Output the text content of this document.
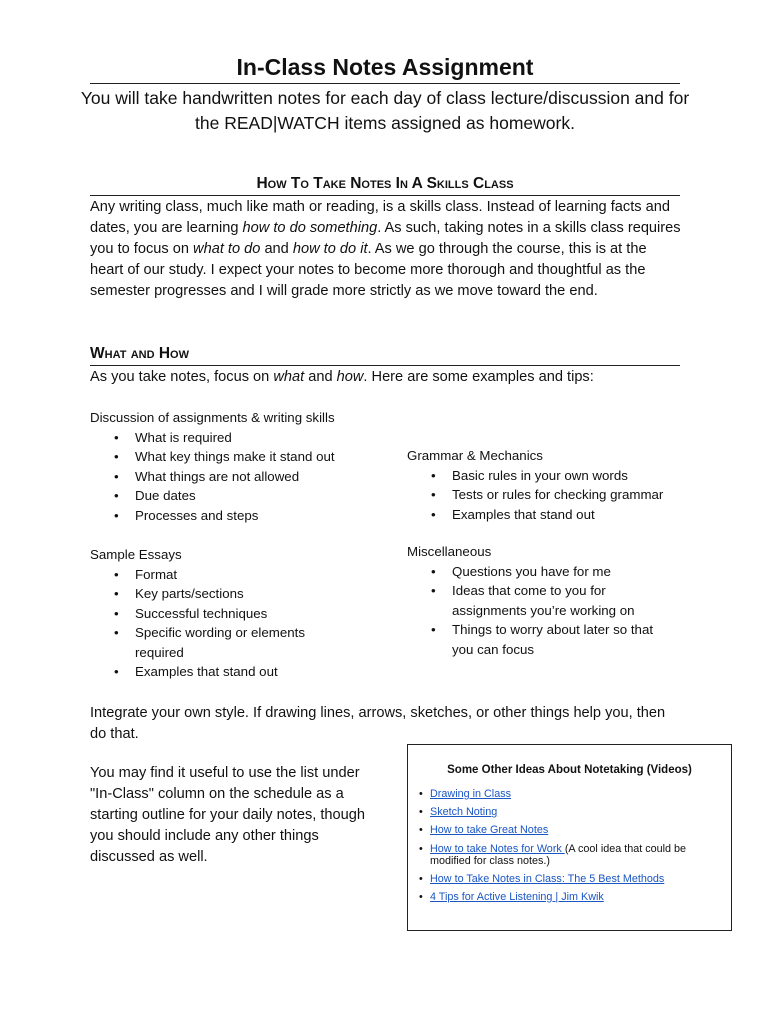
In-Class Notes Assignment
You will take handwritten notes for each day of class lecture/discussion and for the READ|WATCH items assigned as homework.
How To Take Notes In A Skills Class
Any writing class, much like math or reading, is a skills class. Instead of learning facts and dates, you are learning how to do something. As such, taking notes in a skills class requires you to focus on what to do and how to do it. As we go through the course, this is at the heart of our study. I expect your notes to become more thorough and thoughtful as the semester progresses and I will grade more strictly as we move toward the end.
What and How
As you take notes, focus on what and how. Here are some examples and tips:
Discussion of assignments & writing skills
• What is required
• What key things make it stand out
• What things are not allowed
• Due dates
• Processes and steps
Sample Essays
• Format
• Key parts/sections
• Successful techniques
• Specific wording or elements required
• Examples that stand out
Grammar & Mechanics
• Basic rules in your own words
• Tests or rules for checking grammar
• Examples that stand out
Miscellaneous
• Questions you have for me
• Ideas that come to you for assignments you’re working on
• Things to worry about later so that you can focus
Integrate your own style. If drawing lines, arrows, sketches, or other things help you, then do that.
You may find it useful to use the list under "In-Class" column on the schedule as a starting outline for your daily notes, though you should include any other things discussed as well.
Some Other Ideas About Notetaking (Videos)
• Drawing in Class
• Sketch Noting
• How to take Great Notes
• How to take Notes for Work (A cool idea that could be modified for class notes.)
• How to Take Notes in Class: The 5 Best Methods
• 4 Tips for Active Listening | Jim Kwik
